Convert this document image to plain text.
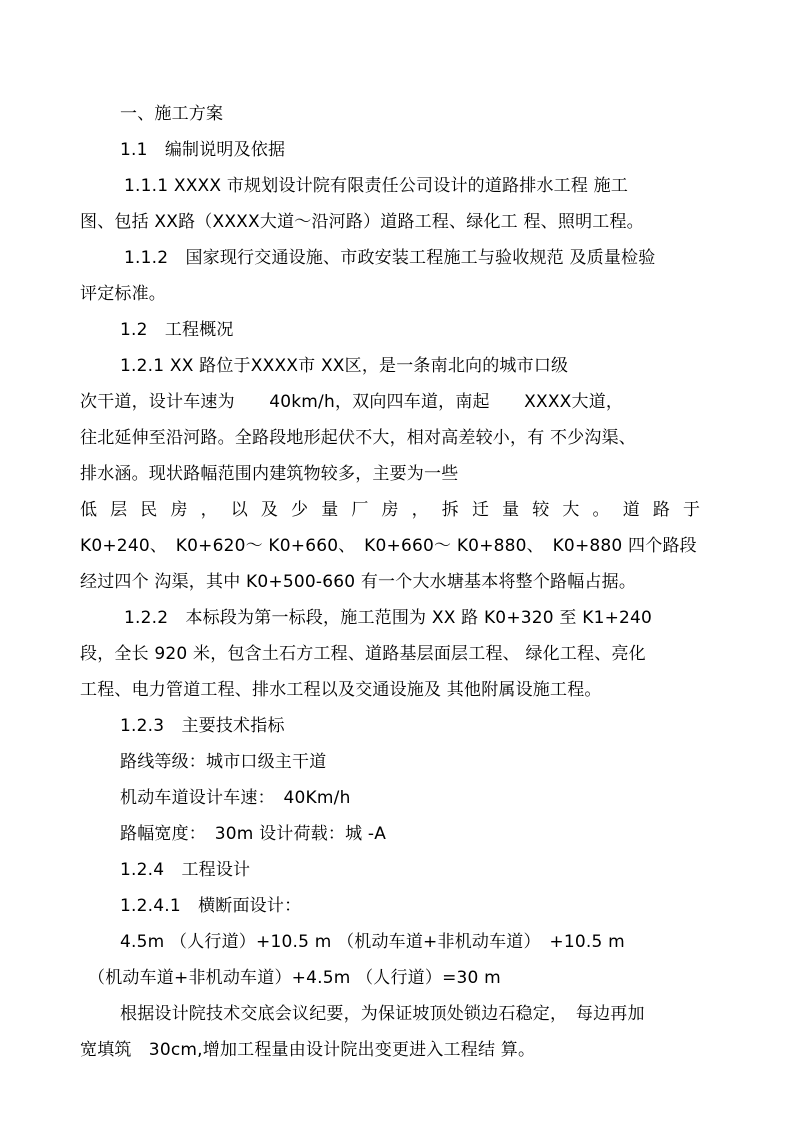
一、施工方案
1.1　编制说明及依据
1.1.1 XXXX 市规划设计院有限责任公司设计的道路排水工程 施工
图、包括 XX路（XXXX大道～沿河路）道路工程、绿化工 程、照明工程。
1.1.2　国家现行交通设施、市政安装工程施工与验收规范 及质量检验
评定标准。
1.2　工程概况
1.2.1 XX 路位于XXXX市 XX区，是一条南北向的城市口级
次干道，设计车速为　　40km/h，双向四车道，南起　　XXXX大道，
往北延伸至沿河路。全路段地形起伏不大，相对高差较小，有 不少沟渠、
排水涵。现状路幅范围内建筑物较多，主要为一些
低层民房，以及少量厂房，拆迁量较大。道路于
K0+240、　K0+620～ K0+660、　K0+660～ K0+880、　K0+880 四个路段
经过四个 沟渠，其中 K0+500-660 有一个大水塘基本将整个路幅占据。
1.2.2　本标段为第一标段，施工范围为 XX 路 K0+320 至 K1+240
段，全长 920 米，包含土石方工程、道路基层面层工程、 绿化工程、亮化
工程、电力管道工程、排水工程以及交通设施及 其他附属设施工程。
1.2.3　主要技术指标
路线等级：城市口级主干道
机动车道设计车速：　40Km/h
路幅宽度：　30m 设计荷载：城 -A
1.2.4　工程设计
1.2.4.1　横断面设计：
4.5m （人行道）+10.5 m （机动车道+非机动车道）　+10.5 m
（机动车道+非机动车道）+4.5m （人行道）=30 m
根据设计院技术交底会议纪要，为保证坡顶处锁边石稳定，　每边再加
宽填筑　30cm,增加工程量由设计院出变更进入工程结 算。
